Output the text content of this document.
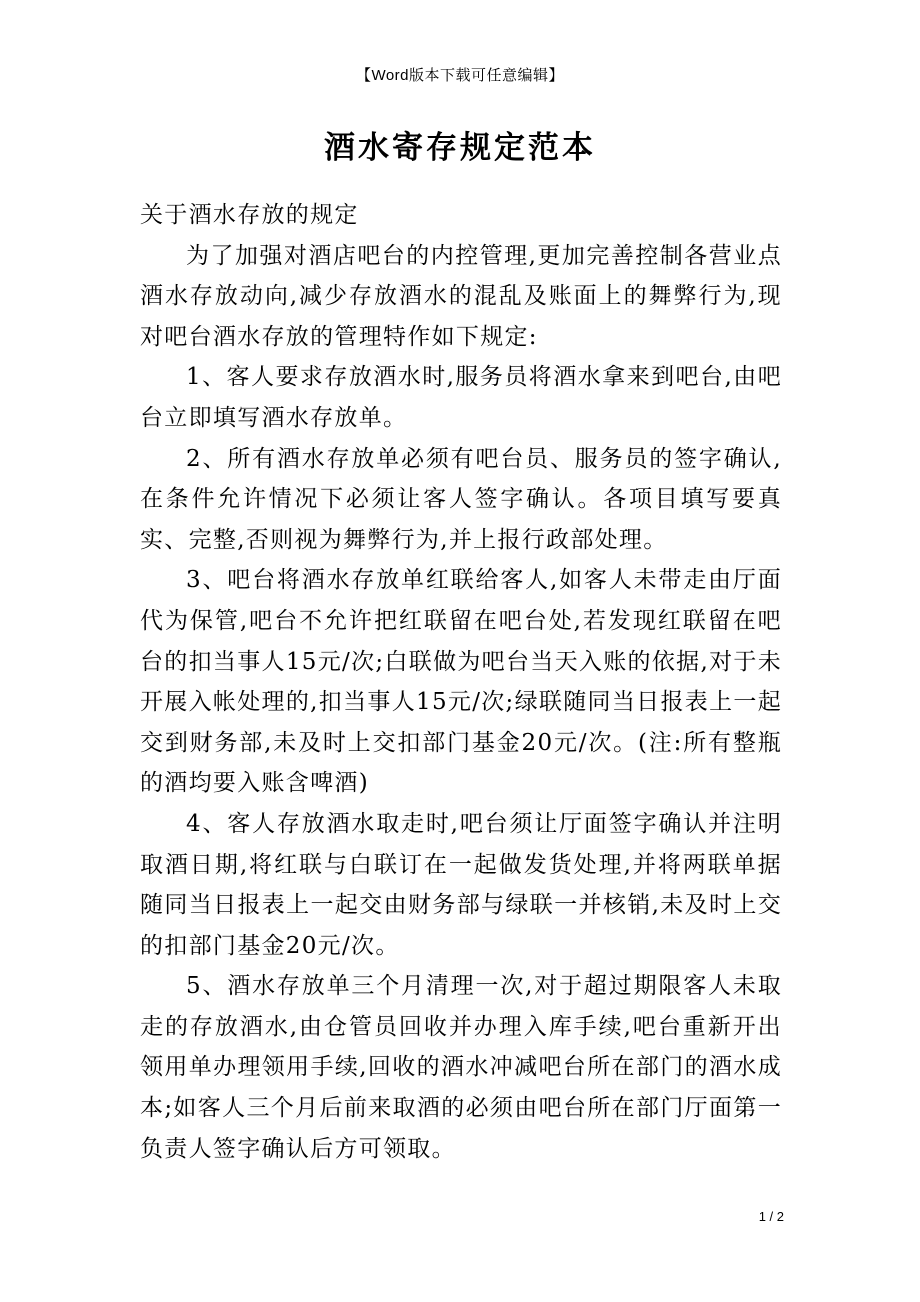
【Word版本下载可任意编辑】
酒水寄存规定范本

关于酒水存放的规定

为了加强对酒店吧台的内控管理,更加完善控制各营业点酒水存放动向,减少存放酒水的混乱及账面上的舞弊行为,现对吧台酒水存放的管理特作如下规定:

1、客人要求存放酒水时,服务员将酒水拿来到吧台,由吧台立即填写酒水存放单。

2、所有酒水存放单必须有吧台员、服务员的签字确认,在条件允许情况下必须让客人签字确认。各项目填写要真实、完整,否则视为舞弊行为,并上报行政部处理。

3、吧台将酒水存放单红联给客人,如客人未带走由厅面代为保管,吧台不允许把红联留在吧台处,若发现红联留在吧台的扣当事人15元/次;白联做为吧台当天入账的依据,对于未开展入帐处理的,扣当事人15元/次;绿联随同当日报表上一起交到财务部,未及时上交扣部门基金20元/次。(注:所有整瓶的酒均要入账含啤酒)

4、客人存放酒水取走时,吧台须让厅面签字确认并注明取酒日期,将红联与白联订在一起做发货处理,并将两联单据随同当日报表上一起交由财务部与绿联一并核销,未及时上交的扣部门基金20元/次。

5、酒水存放单三个月清理一次,对于超过期限客人未取走的存放酒水,由仓管员回收并办理入库手续,吧台重新开出领用单办理领用手续,回收的酒水冲减吧台所在部门的酒水成本;如客人三个月后前来取酒的必须由吧台所在部门厅面第一负责人签字确认后方可领取。

1 / 2
